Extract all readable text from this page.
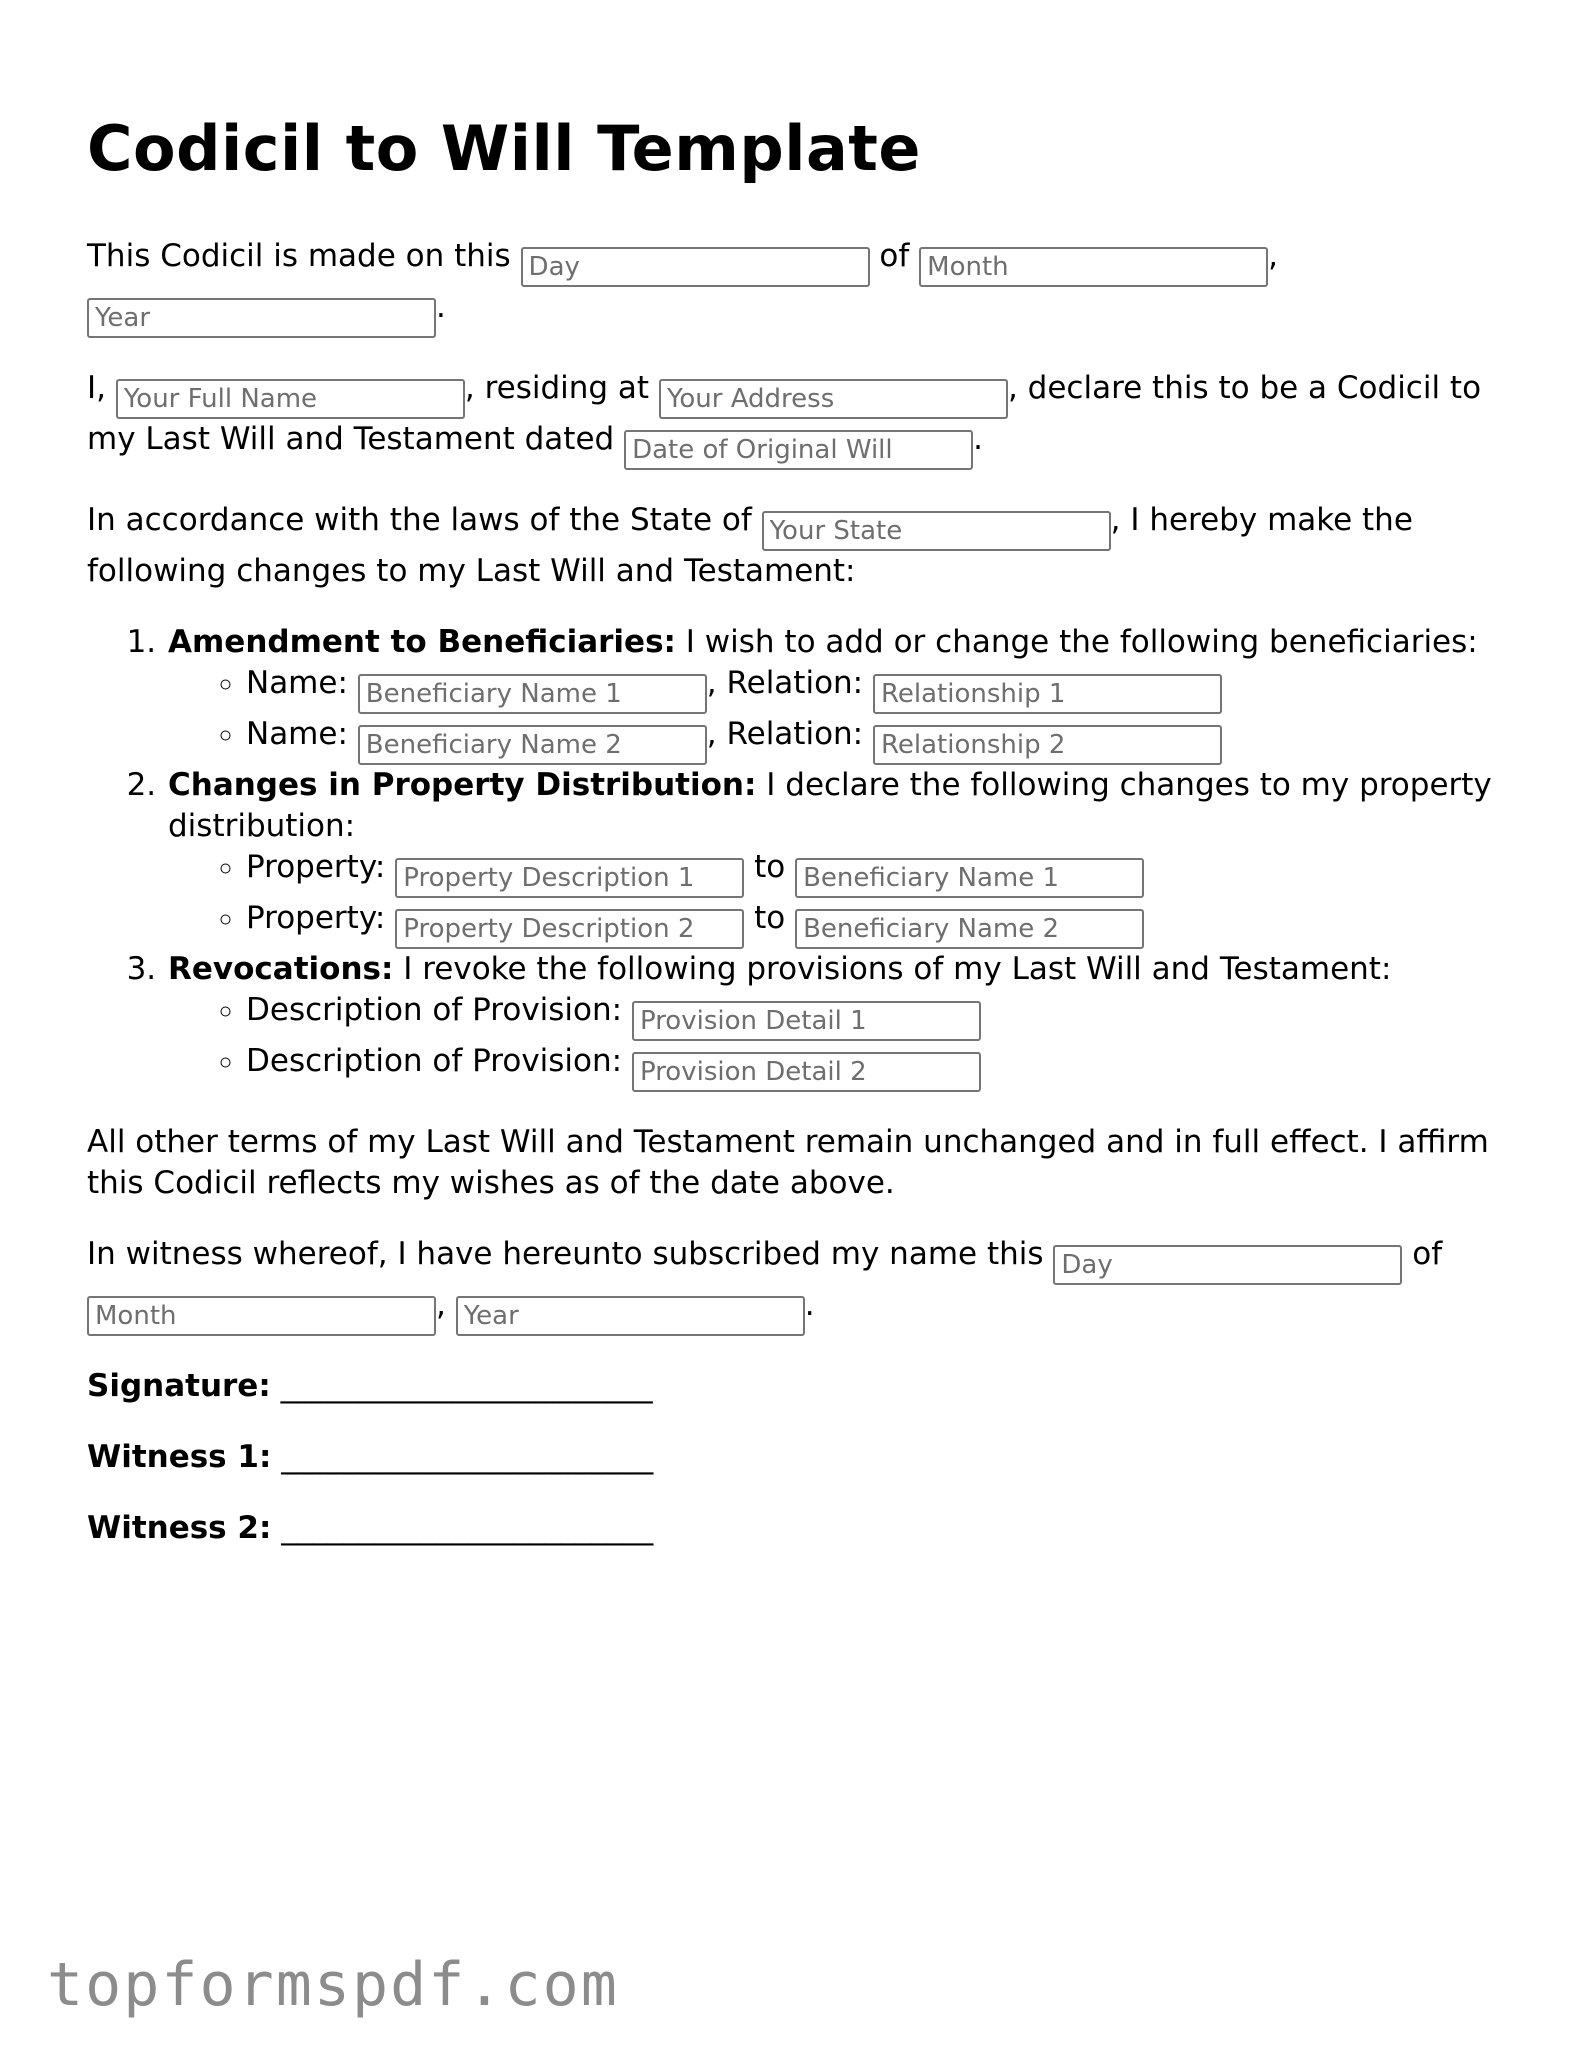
Codicil to Will Template

This Codicil is made on this Day	of Month	, Year.

I, Your Full Name	, residing at Your Address	, declare this to be a Codicil to my Last Will and Testament dated Date of Original Will	.

In accordance with the laws of the State of Your State	, I hereby make the following changes to my Last Will and Testament:

1. Amendment to Beneficiaries: I wish to add or change the following beneficiaries:
◦ Name: Beneficiary Name 1	, Relation: Relationship 1
◦ Name: Beneficiary Name 2	, Relation: Relationship 2
2. Changes in Property Distribution: I declare the following changes to my property distribution:
◦ Property: Property Description 1	to Beneficiary Name 1
◦ Property: Property Description 2	to Beneficiary Name 2
3. Revocations: I revoke the following provisions of my Last Will and Testament:
◦ Description of Provision: Provision Detail 1
◦ Description of Provision: Provision Detail 2

All other terms of my Last Will and Testament remain unchanged and in full effect. I affirm this Codicil reflects my wishes as of the date above.

In witness whereof, I have hereunto subscribed my name this Day	of Month, Year	.

Signature: ________________________
Witness 1: ________________________
Witness 2: ________________________
topformspdf.com
